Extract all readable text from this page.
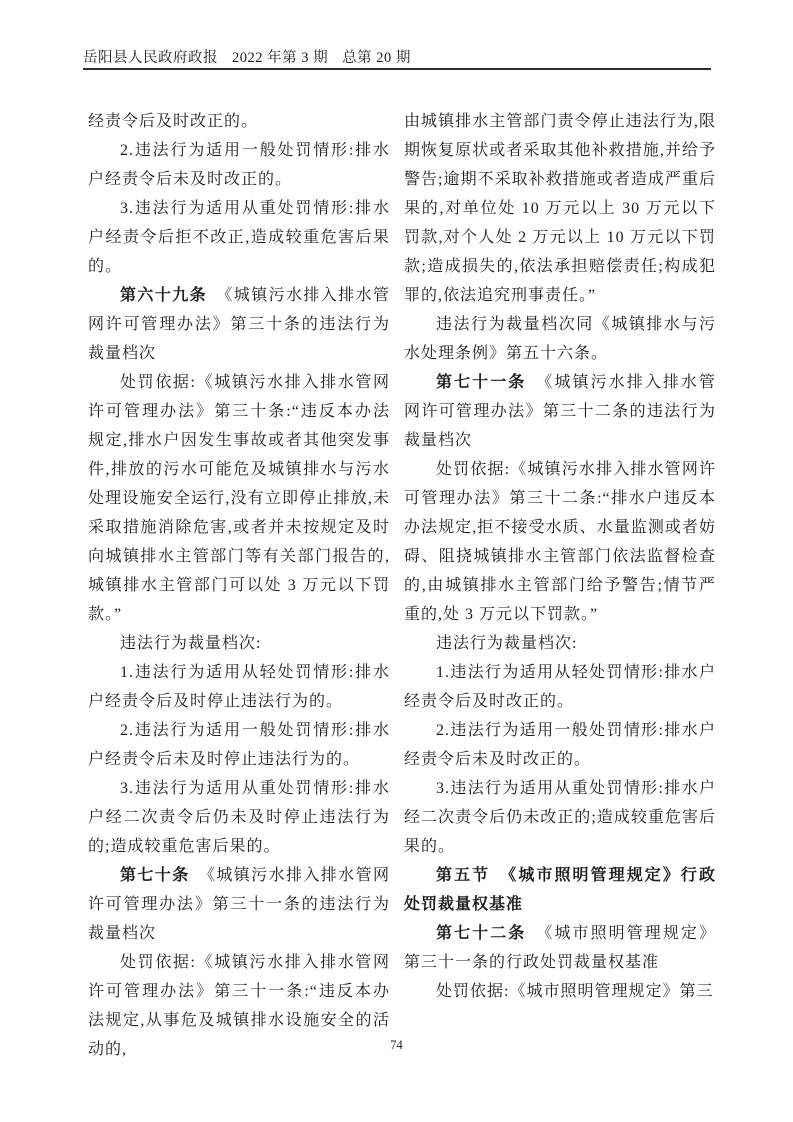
岳阳县人民政府政报 2022 年第 3 期 总第 20 期

经责令后及时改正的。

2.违法行为适用一般处罚情形:排水户经责令后未及时改正的。

3.违法行为适用从重处罚情形:排水户经责令后拒不改正,造成较重危害后果的。

第六十九条　《城镇污水排入排水管网许可管理办法》第三十条的违法行为裁量档次

处罚依据:《城镇污水排入排水管网许可管理办法》第三十条:“违反本办法规定,排水户因发生事故或者其他突发事件,排放的污水可能危及城镇排水与污水处理设施安全运行,没有立即停止排放,未采取措施消除危害,或者并未按规定及时向城镇排水主管部门等有关部门报告的,城镇排水主管部门可以处 3 万元以下罚款。”

违法行为裁量档次:

1.违法行为适用从轻处罚情形:排水户经责令后及时停止违法行为的。

2.违法行为适用一般处罚情形:排水户经责令后未及时停止违法行为的。

3.违法行为适用从重处罚情形:排水户经二次责令后仍未及时停止违法行为的;造成较重危害后果的。

第七十条　《城镇污水排入排水管网许可管理办法》第三十一条的违法行为裁量档次

处罚依据:《城镇污水排入排水管网许可管理办法》第三十一条:“违反本办法规定,从事危及城镇排水设施安全的活动的,

由城镇排水主管部门责令停止违法行为,限期恢复原状或者采取其他补救措施,并给予警告;逾期不采取补救措施或者造成严重后果的,对单位处 10 万元以上 30 万元以下罚款,对个人处 2 万元以上 10 万元以下罚款;造成损失的,依法承担赔偿责任;构成犯罪的,依法追究刑事责任。”

违法行为裁量档次同《城镇排水与污水处理条例》第五十六条。

第七十一条　《城镇污水排入排水管网许可管理办法》第三十二条的违法行为裁量档次

处罚依据:《城镇污水排入排水管网许可管理办法》第三十二条:“排水户违反本办法规定,拒不接受水质、水量监测或者妨碍、阻挠城镇排水主管部门依法监督检查的,由城镇排水主管部门给予警告;情节严重的,处 3 万元以下罚款。”

违法行为裁量档次:

1.违法行为适用从轻处罚情形:排水户经责令后及时改正的。

2.违法行为适用一般处罚情形:排水户经责令后未及时改正的。

3.违法行为适用从重处罚情形:排水户经二次责令后仍未改正的;造成较重危害后果的。

第五节　《城市照明管理规定》行政处罚裁量权基准

第七十二条　《城市照明管理规定》第三十一条的行政处罚裁量权基准

处罚依据:《城市照明管理规定》第三

74
